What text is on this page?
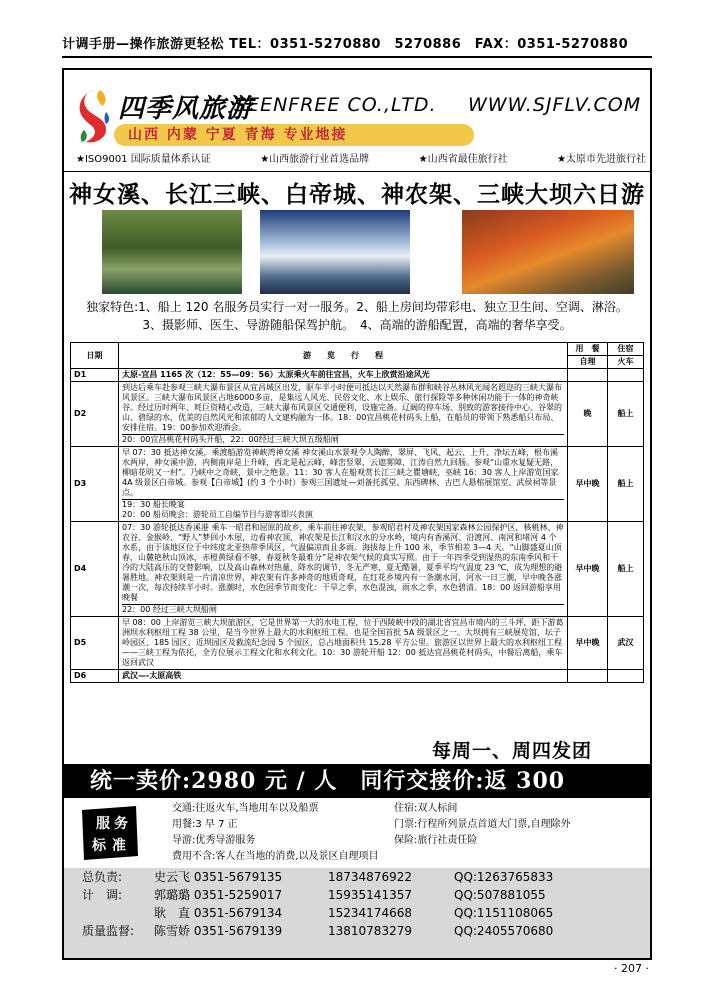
计调手册—操作旅游更轻松 TEL：0351-5270880　5270886　FAX：0351-5270880
四季风旅游
SEENFREE CO.,LTD. WWW.SJFLV.COM
山西 内蒙 宁夏 青海 专业地接
★ISO9001 国际质量体系认证	★山西旅游行业首选品牌	★山西省最佳旅行社	★太原市先进旅行社
神女溪、长江三峡、白帝城、神农架、三峡大坝六日游
独家特色:1、船上 120 名服务员实行一对一服务。2、船上房间均带彩电、独立卫生间、空调、淋浴。
3、摄影师、医生、导游随船保驾护航。　4、高端的游船配置，高端的奢华享受。
日期	游　　览　　行　　程	用　餐	住宿
		自理	火车
D1	太原-宜昌 1165 次（12：55—09：56）太原乘火车前往宜昌，火车上欣赏沿途风光		

D2	到达后乘车赴参观三峡大瀑布景区从宜昌城区出发，驱车半小时便可抵达以天然瀑布群和峡谷丛林风光闻名遐迩的三峡大瀑布风景区。三峡大瀑布风景区占地6000多亩，是集远人风光、民俗文化、水上娱乐、旅行探险等多种休闲功能于一体的神奇峡谷。经过历时两年、耗巨资精心改造，三峡大瀑布风景区交通便利，设施完备。辽阔的停车场、别致的游客接待中心、谷翠的山、碧绿的水，优美的自然风光和浓郁的人文建构融为一体。18：00宜昌桃花村码头上船，在船员的带领下熟悉船只布局、安排住宿。19：00参加欢迎酒会。
20：00宜昌桃花村码头开船，22：00经过三峡大坝五级船闸	晚	船上
D3	早 07：30 抵达神女溪，乘渡船游览神峡湾神女溪 神女溪山水景观令人陶醉，翠屏、飞风、起云、上升、净坛五峰，根布溪水两岸，神女溪中游，内侧南岸是上升峰，西北是起云峰，峰峦竖翠，云遮雾障，江涛自然九回肠。参观“山重水复疑无路，柳暗花明又一村”。乃峡中之奇峡，景中之绝景。11：30 客人在船观赏长江三峡之瞿塘峡、巫峡 16：30 客人上岸游览国家 4A 级景区白帝城。参观【白帝城】(约 3 个小时）参观三国遗址—刘备托孤堂、东西碑林、古巴人悬棺展馆室、武侯祠等景点。
19：30 船长晚宴
20：00 船员晚会：游轮员工自编节目与游客即兴表演	早中晚	船上
D4	07：30 游轮抵达香溪港 乘车一昭君和屈原的故乡，乘车前往神农架，参观昭君村及神农架国家森林公园保护区，核桃林、神农谷、金猴岭、“野人”梦回小木屋，边看神农顶，神农架是长江和汉水的分水岭，境内有香溪河、沿渡河、南河和堵河 4 个水系，由于该地区位于中纬度北亚热带季风区，气温偏凉而且多雨。海拔每上升 100 米，季节相差 3—4 天。“山脚盛夏山顶春，山麓艳秋山顶冰，赤橙黄绿看不够，春夏秋冬最难分”是神农架气候的真实写照。由于一年四季受到湿热的东南季风和干冷的大陆高压的交替影响，以及高山森林对热量、降水的调节，冬无严寒，夏无酷暑，夏季平均气温度 23 ℃，成为理想的避暑胜地。神农架则是一片清凉世界，神农架有许多神奇的地质奇观，在红花乡境内有一条潮水河，河水一日三潮，早中晚各涨潮一次，每次持续半小时。涨潮时，水色因季节而变化：干旱之季，水色混浊，雨水之季，水色碧清。18：00 返回游船享用晚餐
22：00 经过三峡大坝船闸	早中晚	船上
D5	早 08：00 上岸游览三峡大坝旅游区，它是世界第一大的水电工程，位于西陵峡中段的湖北省宜昌市境内的三斗坪，距下游葛洲坝水利枢纽工程 38 公里，是当今世界上最大的水利枢纽工程。也是全国首批 5A 级景区之一。大坝拥有三峡展览馆、坛子岭园区、185 园区、近坝园区及截流纪念园 5 个园区，总占地面积共 15.28 平方公里。旅游区以世界上最大的水利枢纽工程——三峡工程为依托，全方位展示工程文化和水利文化。10：30 游轮开船 12：00 抵达宜昌桃花村码头，中餐后离船，乘车返回武汉	早中晚	武汉
D6	武汉—-太原高铁		

每周一、周四发团
统一卖价:2980 元 / 人　同行交接价:返 300
服 务
标 准
交通:往返火车,当地用车以及船票
用餐:3 早 7 正
导游:优秀导游服务
费用不含:客人在当地的消费,以及景区自理项目
住宿:双人标间
门票:行程所列景点首道大门票,自理除外
保险:旅行社责任险
总负责:	史云飞 0351-5679135	18734876922	QQ:1263765833
计　调:	郭璐璐 0351-5259017	15935141357	QQ:507881055
耿　直 0351-5679134	15234174668	QQ:1151108065
质量监督: 陈雪娇 0351-5679139	13810783279	QQ:2405570680
· 207 ·
